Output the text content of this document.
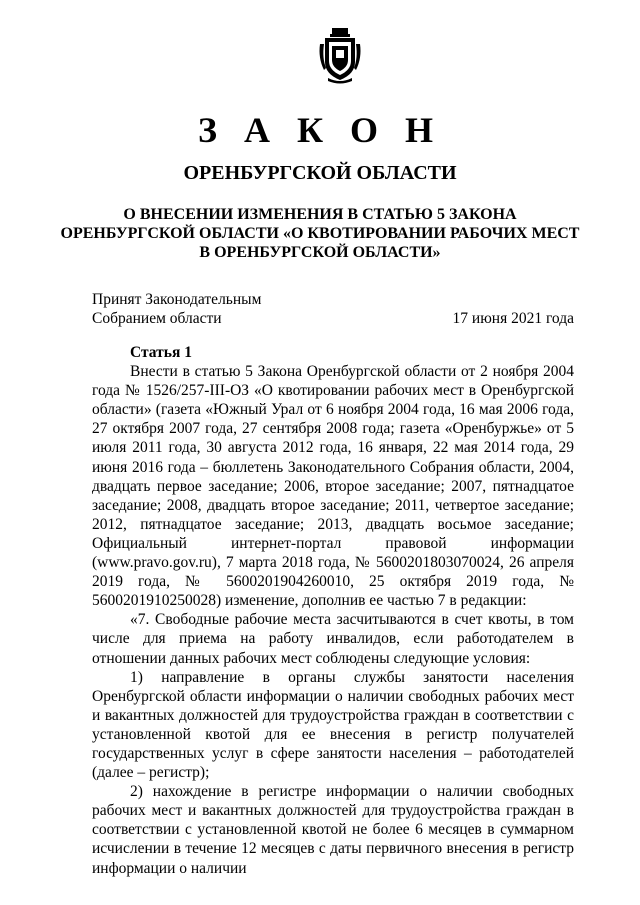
З А К О Н
ОРЕНБУРГСКОЙ ОБЛАСТИ
О ВНЕСЕНИИ ИЗМЕНЕНИЯ В СТАТЬЮ 5 ЗАКОНА ОРЕНБУРГСКОЙ ОБЛАСТИ «О КВОТИРОВАНИИ РАБОЧИХ МЕСТ В ОРЕНБУРГСКОЙ ОБЛАСТИ»
Принят Законодательным
Собранием области	17 июня 2021 года

Статья 1

Внести в статью 5 Закона Оренбургской области от 2 ноября 2004 года № 1526/257-III-ОЗ «О квотировании рабочих мест в Оренбургской области» (газета «Южный Урал от 6 ноября 2004 года, 16 мая 2006 года, 27 октября 2007 года, 27 сентября 2008 года; газета «Оренбуржье» от 5 июля 2011 года, 30 августа 2012 года, 16 января, 22 мая 2014 года, 29 июня 2016 года – бюллетень Законодательного Собрания области, 2004, двадцать первое заседание; 2006, второе заседание; 2007, пятнадцатое заседание; 2008, двадцать второе заседание; 2011, четвертое заседание; 2012, пятнадцатое заседание; 2013, двадцать восьмое заседание; Официальный интернет-портал правовой информации (www.pravo.gov.ru), 7 марта 2018 года, № 5600201803070024, 26 апреля 2019 года, № 5600201904260010, 25 октября 2019 года, № 5600201910250028) изменение, дополнив ее частью 7 в редакции:

«7. Свободные рабочие места засчитываются в счет квоты, в том числе для приема на работу инвалидов, если работодателем в отношении данных рабочих мест соблюдены следующие условия:

1) направление в органы службы занятости населения Оренбургской области информации о наличии свободных рабочих мест и вакантных должностей для трудоустройства граждан в соответствии с установленной квотой для ее внесения в регистр получателей государственных услуг в сфере занятости населения – работодателей (далее – регистр);

2) нахождение в регистре информации о наличии свободных рабочих мест и вакантных должностей для трудоустройства граждан в соответствии с установленной квотой не более 6 месяцев в суммарном исчислении в течение 12 месяцев с даты первичного внесения в регистр информации о наличии
